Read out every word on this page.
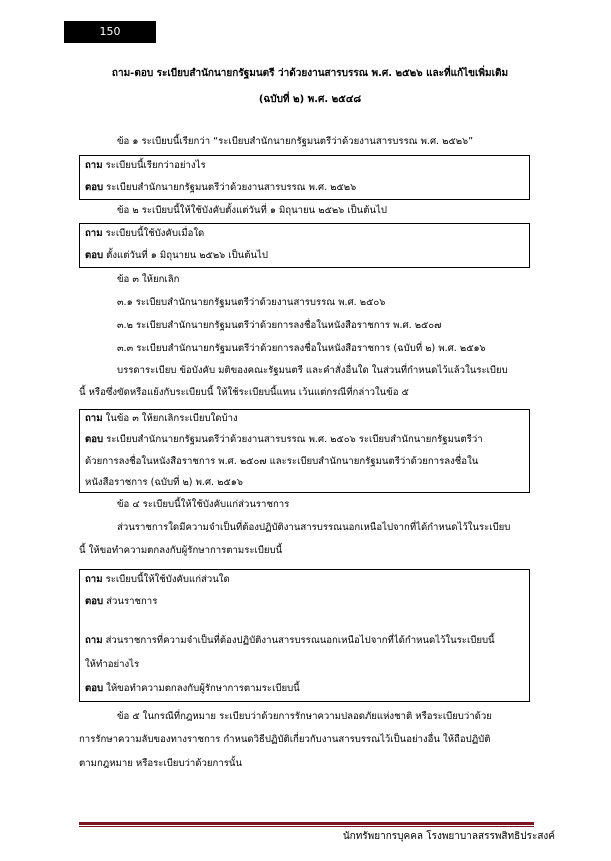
150
ถาม-ตอบ ระเบียบสำนักนายกรัฐมนตรี ว่าด้วยงานสารบรรณ พ.ศ. ๒๕๒๖ และที่แก้ไขเพิ่มเติม
(ฉบับที่ ๒) พ.ศ. ๒๕๔๘
ข้อ ๑ ระเบียบนี้เรียกว่า “ระเบียบสำนักนายกรัฐมนตรีว่าด้วยงานสารบรรณ พ.ศ. ๒๕๒๖”
ถาม ระเบียบนี้เรียกว่าอย่างไร
ตอบ ระเบียบสำนักนายกรัฐมนตรีว่าด้วยงานสารบรรณ พ.ศ. ๒๕๒๖
ข้อ ๒ ระเบียบนี้ให้ใช้บังคับตั้งแต่วันที่ ๑ มิถุนายน ๒๕๒๖ เป็นต้นไป
ถาม ระเบียบนี้ใช้บังคับเมื่อใด
ตอบ ตั้งแต่วันที่ ๑ มิถุนายน ๒๕๒๖ เป็นต้นไป
ข้อ ๓ ให้ยกเลิก
๓.๑ ระเบียบสำนักนายกรัฐมนตรีว่าด้วยงานสารบรรณ พ.ศ. ๒๕๐๖
๓.๒ ระเบียบสำนักนายกรัฐมนตรีว่าด้วยการลงชื่อในหนังสือราชการ พ.ศ. ๒๕๐๗
๓.๓ ระเบียบสำนักนายกรัฐมนตรีว่าด้วยการลงชื่อในหนังสือราชการ (ฉบับที่ ๒) พ.ศ. ๒๕๑๖
บรรดาระเบียบ ข้อบังคับ มติของคณะรัฐมนตรี และคำสั่งอื่นใด ในส่วนที่กำหนดไว้แล้วในระเบียบ
นี้ หรือซึ่งขัดหรือแย้งกับระเบียบนี้ ให้ใช้ระเบียบนี้แทน เว้นแต่กรณีที่กล่าวในข้อ ๕
ถาม ในข้อ ๓ ให้ยกเลิกระเบียบใดบ้าง
ตอบ ระเบียบสำนักนายกรัฐมนตรีว่าด้วยงานสารบรรณ พ.ศ. ๒๕๐๖ ระเบียบสำนักนายกรัฐมนตรีว่า
ด้วยการลงชื่อในหนังสือราชการ พ.ศ. ๒๕๐๗ และระเบียบสำนักนายกรัฐมนตรีว่าด้วยการลงชื่อใน
หนังสือราชการ (ฉบับที่ ๒) พ.ศ. ๒๕๑๖
ข้อ ๔ ระเบียบนี้ให้ใช้บังคับแก่ส่วนราชการ
ส่วนราชการใดมีความจำเป็นที่ต้องปฏิบัติงานสารบรรณนอกเหนือไปจากที่ได้กำหนดไว้ในระเบียบ
นี้ ให้ขอทำความตกลงกับผู้รักษาการตามระเบียบนี้
ถาม ระเบียบนี้ให้ใช้บังคับแก่ส่วนใด
ตอบ ส่วนราชการ
ถาม ส่วนราชการที่ความจำเป็นที่ต้องปฏิบัติงานสารบรรณนอกเหนือไปจากที่ได้กำหนดไว้ในระเบียบนี้
ให้ทำอย่างไร
ตอบ ให้ขอทำความตกลงกับผู้รักษาการตามระเบียบนี้
ข้อ ๕ ในกรณีที่กฎหมาย ระเบียบว่าด้วยการรักษาความปลอดภัยแห่งชาติ หรือระเบียบว่าด้วย
การรักษาความลับของทางราชการ กำหนดวิธีปฏิบัติเกี่ยวกับงานสารบรรณไว้เป็นอย่างอื่น ให้ถือปฏิบัติ
ตามกฎหมาย หรือระเบียบว่าด้วยการนั้น
นักทรัพยากรบุคคล โรงพยาบาลสรรพสิทธิประสงค์
